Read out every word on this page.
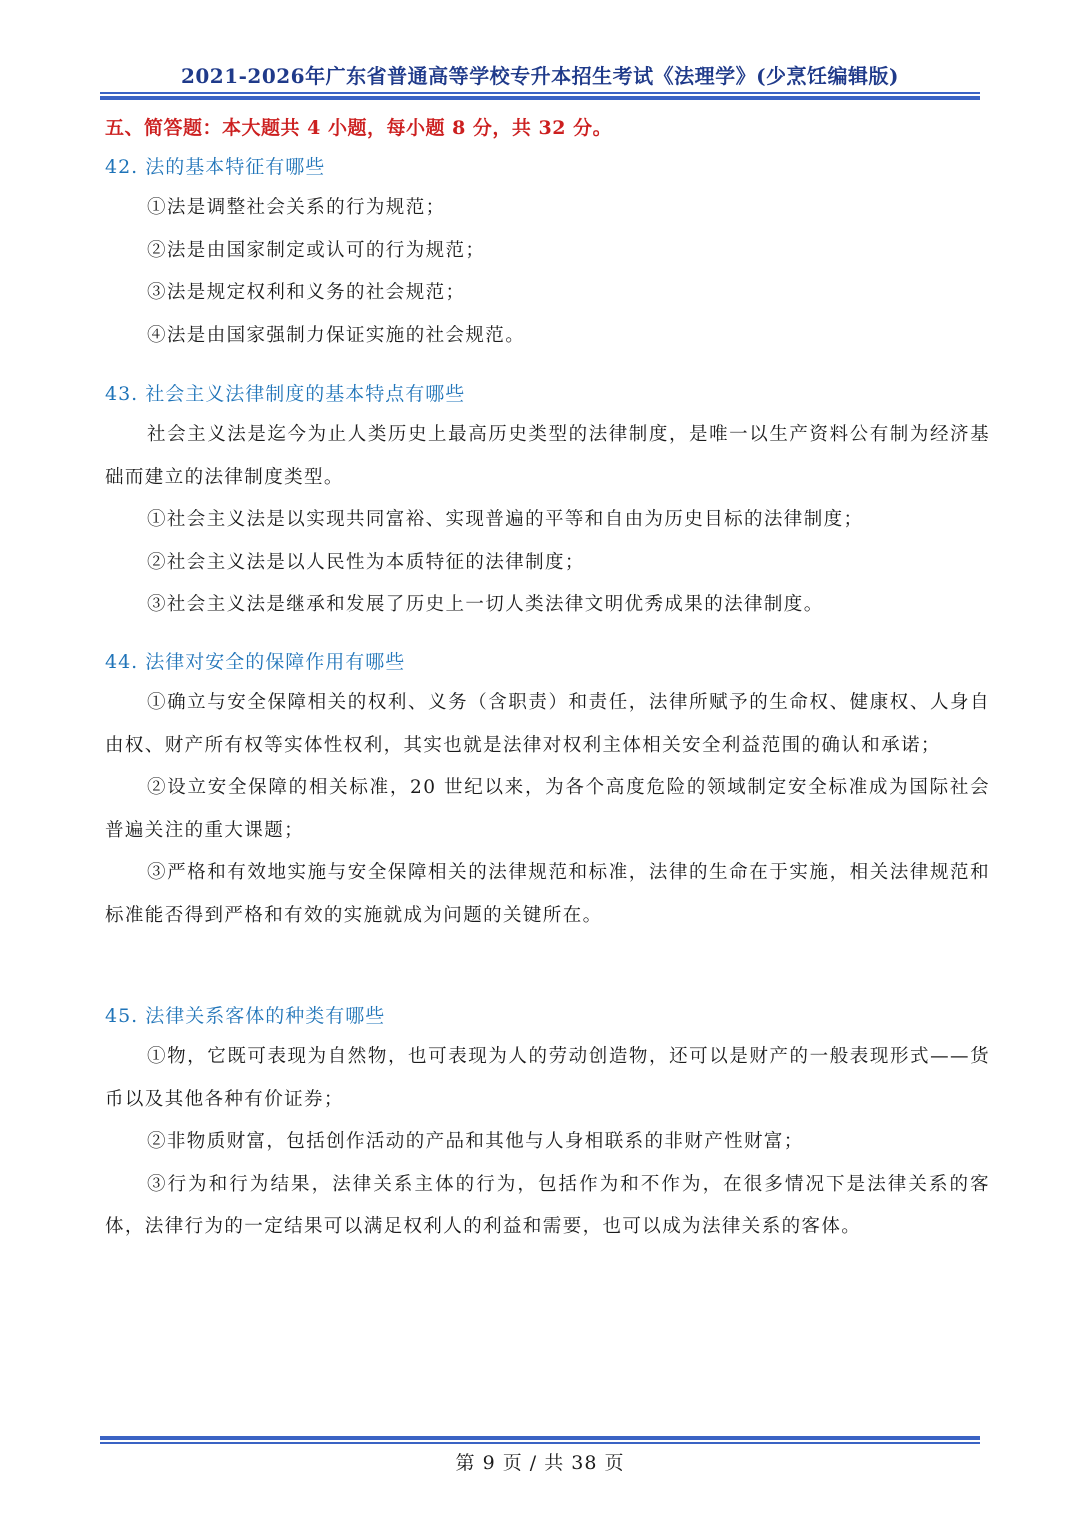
2021-2026年广东省普通高等学校专升本招生考试《法理学》(少烹饪编辑版)
五、简答题：本大题共 4 小题，每小题 8 分，共 32 分。
42. 法的基本特征有哪些

①法是调整社会关系的行为规范；

②法是由国家制定或认可的行为规范；

③法是规定权利和义务的社会规范；

④法是由国家强制力保证实施的社会规范。

43. 社会主义法律制度的基本特点有哪些

社会主义法是迄今为止人类历史上最高历史类型的法律制度，是唯一以生产资料公有制为经济基础而建立的法律制度类型。

①社会主义法是以实现共同富裕、实现普遍的平等和自由为历史目标的法律制度；

②社会主义法是以人民性为本质特征的法律制度；

③社会主义法是继承和发展了历史上一切人类法律文明优秀成果的法律制度。

44. 法律对安全的保障作用有哪些

①确立与安全保障相关的权利、义务（含职责）和责任，法律所赋予的生命权、健康权、人身自由权、财产所有权等实体性权利，其实也就是法律对权利主体相关安全利益范围的确认和承诺；

②设立安全保障的相关标准，20 世纪以来，为各个高度危险的领域制定安全标准成为国际社会普遍关注的重大课题；

③严格和有效地实施与安全保障相关的法律规范和标准，法律的生命在于实施，相关法律规范和标准能否得到严格和有效的实施就成为问题的关键所在。

45. 法律关系客体的种类有哪些

①物，它既可表现为自然物，也可表现为人的劳动创造物，还可以是财产的一般表现形式——货币以及其他各种有价证券；

②非物质财富，包括创作活动的产品和其他与人身相联系的非财产性财富；

③行为和行为结果，法律关系主体的行为，包括作为和不作为，在很多情况下是法律关系的客体，法律行为的一定结果可以满足权利人的利益和需要，也可以成为法律关系的客体。

第 9 页 / 共 38 页
